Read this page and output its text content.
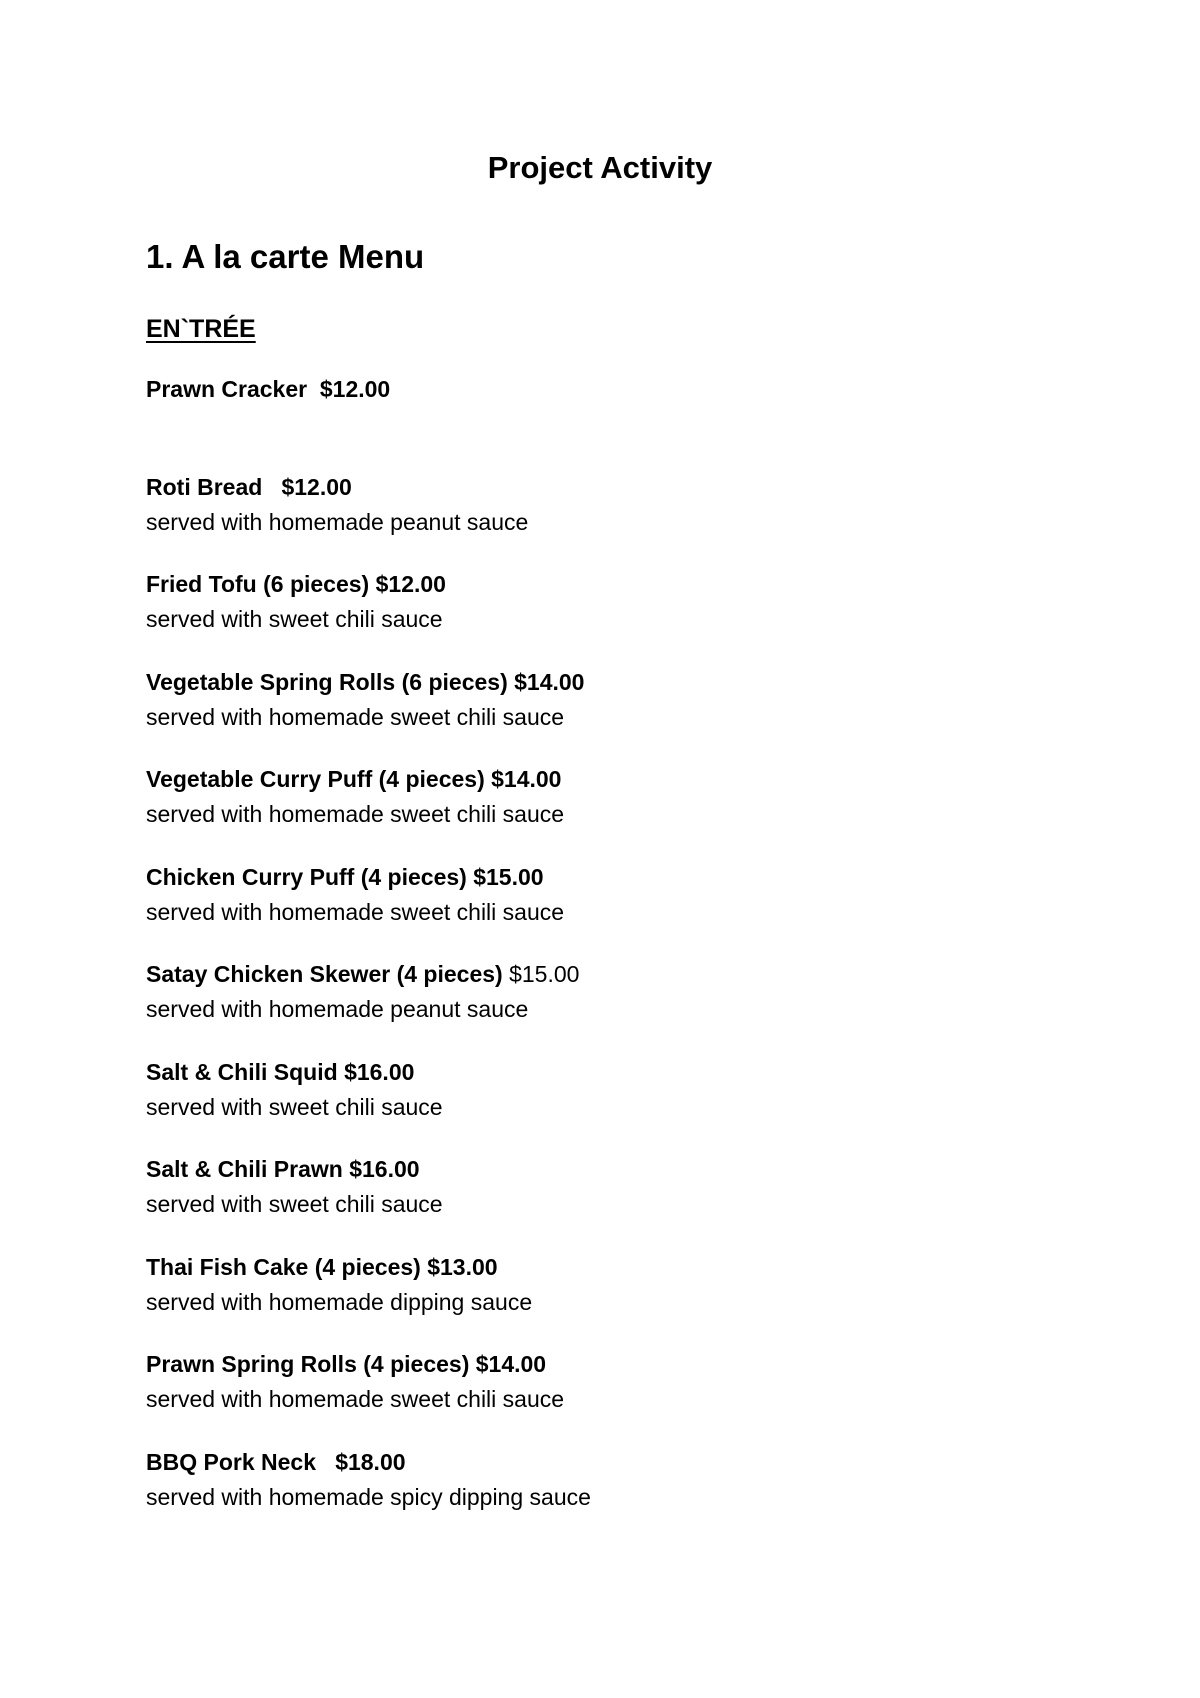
Project Activity
1. A la carte Menu
EN`TRÉE
Prawn Cracker $12.00
Roti Bread $12.00
served with homemade peanut sauce
Fried Tofu (6 pieces) $12.00
served with sweet chili sauce
Vegetable Spring Rolls (6 pieces) $14.00
served with homemade sweet chili sauce
Vegetable Curry Puff (4 pieces) $14.00
served with homemade sweet chili sauce
Chicken Curry Puff (4 pieces) $15.00
served with homemade sweet chili sauce
Satay Chicken Skewer (4 pieces) $15.00
served with homemade peanut sauce
Salt & Chili Squid $16.00
served with sweet chili sauce
Salt & Chili Prawn $16.00
served with sweet chili sauce
Thai Fish Cake (4 pieces) $13.00
served with homemade dipping sauce
Prawn Spring Rolls (4 pieces) $14.00
served with homemade sweet chili sauce
BBQ Pork Neck $18.00
served with homemade spicy dipping sauce
